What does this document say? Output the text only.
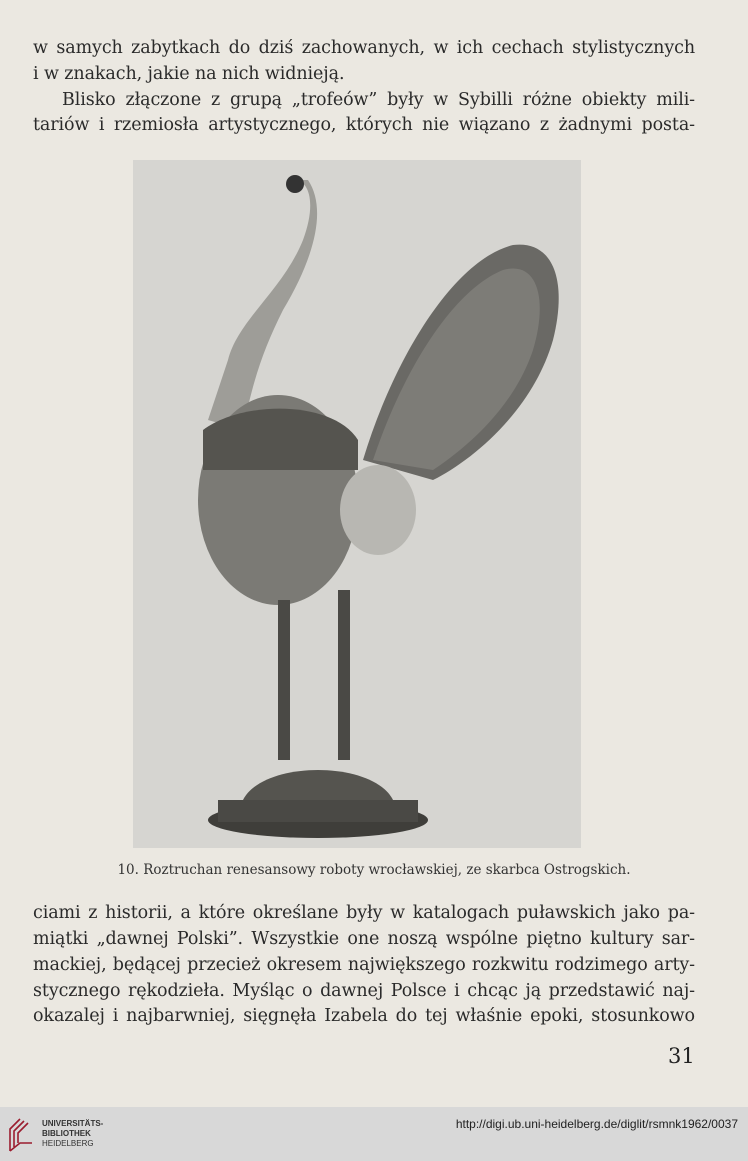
w samych zabytkach do dziś zachowanych, w ich cechach stylistycznych
i w znakach, jakie na nich widnieją.
Blisko złączone z grupą „trofeów” były w Sybilli różne obiekty mili-
tariów i rzemiosła artystycznego, których nie wiązano z żadnymi posta-
10. Roztruchan renesansowy roboty wrocławskiej, ze skarbca Ostrogskich.
ciami z historii, a które określane były w katalogach puławskich jako pa-
miątki „dawnej Polski”. Wszystkie one noszą wspólne piętno kultury sar-
mackiej, będącej przecież okresem największego rozkwitu rodzimego arty-
stycznego rękodzieła. Myśląc o dawnej Polsce i chcąc ją przedstawić naj-
okazalej i najbarwniej, sięgnęła Izabela do tej właśnie epoki, stosunkowo
31
UNIVERSITÄTS-
BIBLIOTHEK
HEIDELBERG
http://digi.ub.uni-heidelberg.de/diglit/rsmnk1962/0037
